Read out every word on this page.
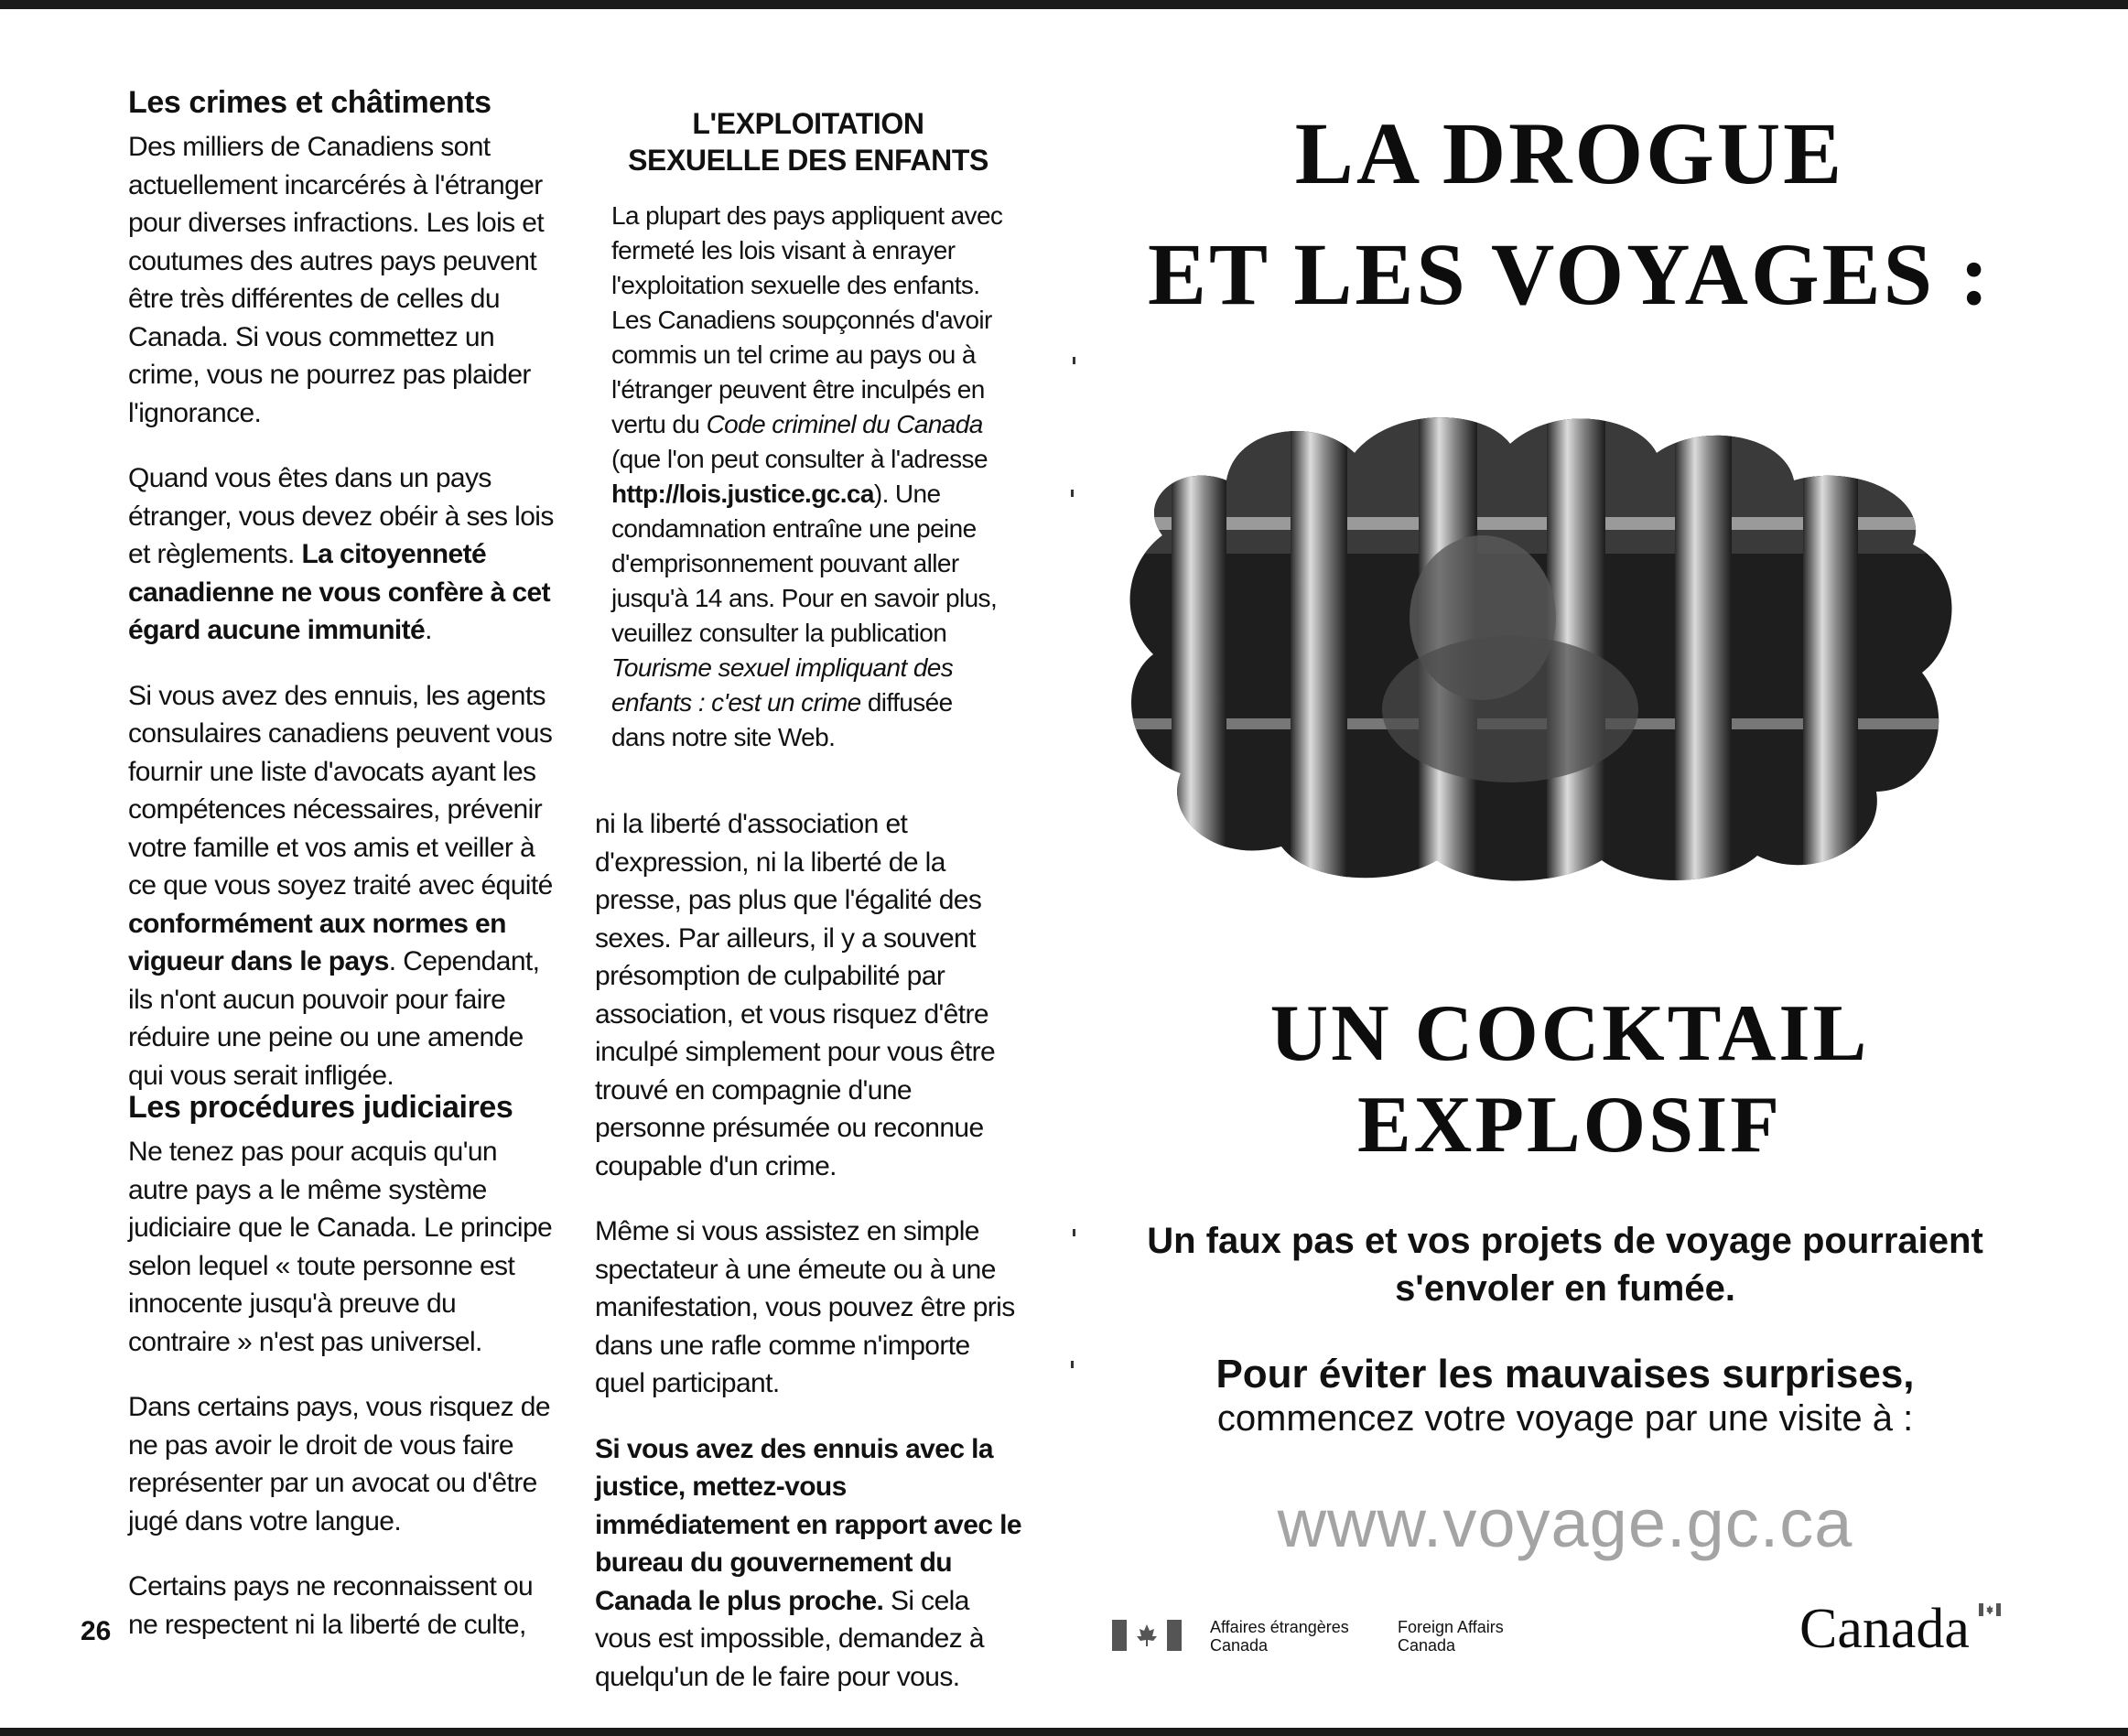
Les crimes et châtiments

Des milliers de Canadiens sont actuellement incarcérés à l'étranger pour diverses infractions. Les lois et coutumes des autres pays peuvent être très différentes de celles du Canada. Si vous commettez un crime, vous ne pourrez pas plaider l'ignorance.

Quand vous êtes dans un pays étranger, vous devez obéir à ses lois et règlements. La citoyenneté canadienne ne vous confère à cet égard aucune immunité.

Si vous avez des ennuis, les agents consulaires canadiens peuvent vous fournir une liste d'avocats ayant les compétences nécessaires, prévenir votre famille et vos amis et veiller à ce que vous soyez traité avec équité conformément aux normes en vigueur dans le pays. Cependant, ils n'ont aucun pouvoir pour faire réduire une peine ou une amende qui vous serait infligée.

Les procédures judiciaires

Ne tenez pas pour acquis qu'un autre pays a le même système judiciaire que le Canada. Le principe selon lequel « toute personne est innocente jusqu'à preuve du contraire » n'est pas universel.

Dans certains pays, vous risquez de ne pas avoir le droit de vous faire représenter par un avocat ou d'être jugé dans votre langue.

Certains pays ne reconnaissent ou ne respectent ni la liberté de culte,

26
L'EXPLOITATION
SEXUELLE DES ENFANTS

La plupart des pays appliquent avec fermeté les lois visant à enrayer l'exploitation sexuelle des enfants. Les Canadiens soupçonnés d'avoir commis un tel crime au pays ou à l'étranger peuvent être inculpés en vertu du Code criminel du Canada (que l'on peut consulter à l'adresse http://lois.justice.gc.ca). Une condamnation entraîne une peine d'emprisonnement pouvant aller jusqu'à 14 ans. Pour en savoir plus, veuillez consulter la publication Tourisme sexuel impliquant des enfants : c'est un crime diffusée dans notre site Web.

ni la liberté d'association et d'expression, ni la liberté de la presse, pas plus que l'égalité des sexes. Par ailleurs, il y a souvent présomption de culpabilité par association, et vous risquez d'être inculpé simplement pour vous être trouvé en compagnie d'une personne présumée ou reconnue coupable d'un crime.

Même si vous assistez en simple spectateur à une émeute ou à une manifestation, vous pouvez être pris dans une rafle comme n'importe quel participant.

Si vous avez des ennuis avec la justice, mettez-vous immédiatement en rapport avec le bureau du gouvernement du Canada le plus proche. Si cela vous est impossible, demandez à quelqu'un de le faire pour vous.

LA DROGUE
ET LES VOYAGES :
UN COCKTAIL
EXPLOSIF
Un faux pas et vos projets de voyage pourraient s'envoler en fumée.
Pour éviter les mauvaises surprises,
commencez votre voyage par une visite à :
www.voyage.gc.ca
Affaires étrangères
Canada
Foreign Affairs
Canada	Canada
